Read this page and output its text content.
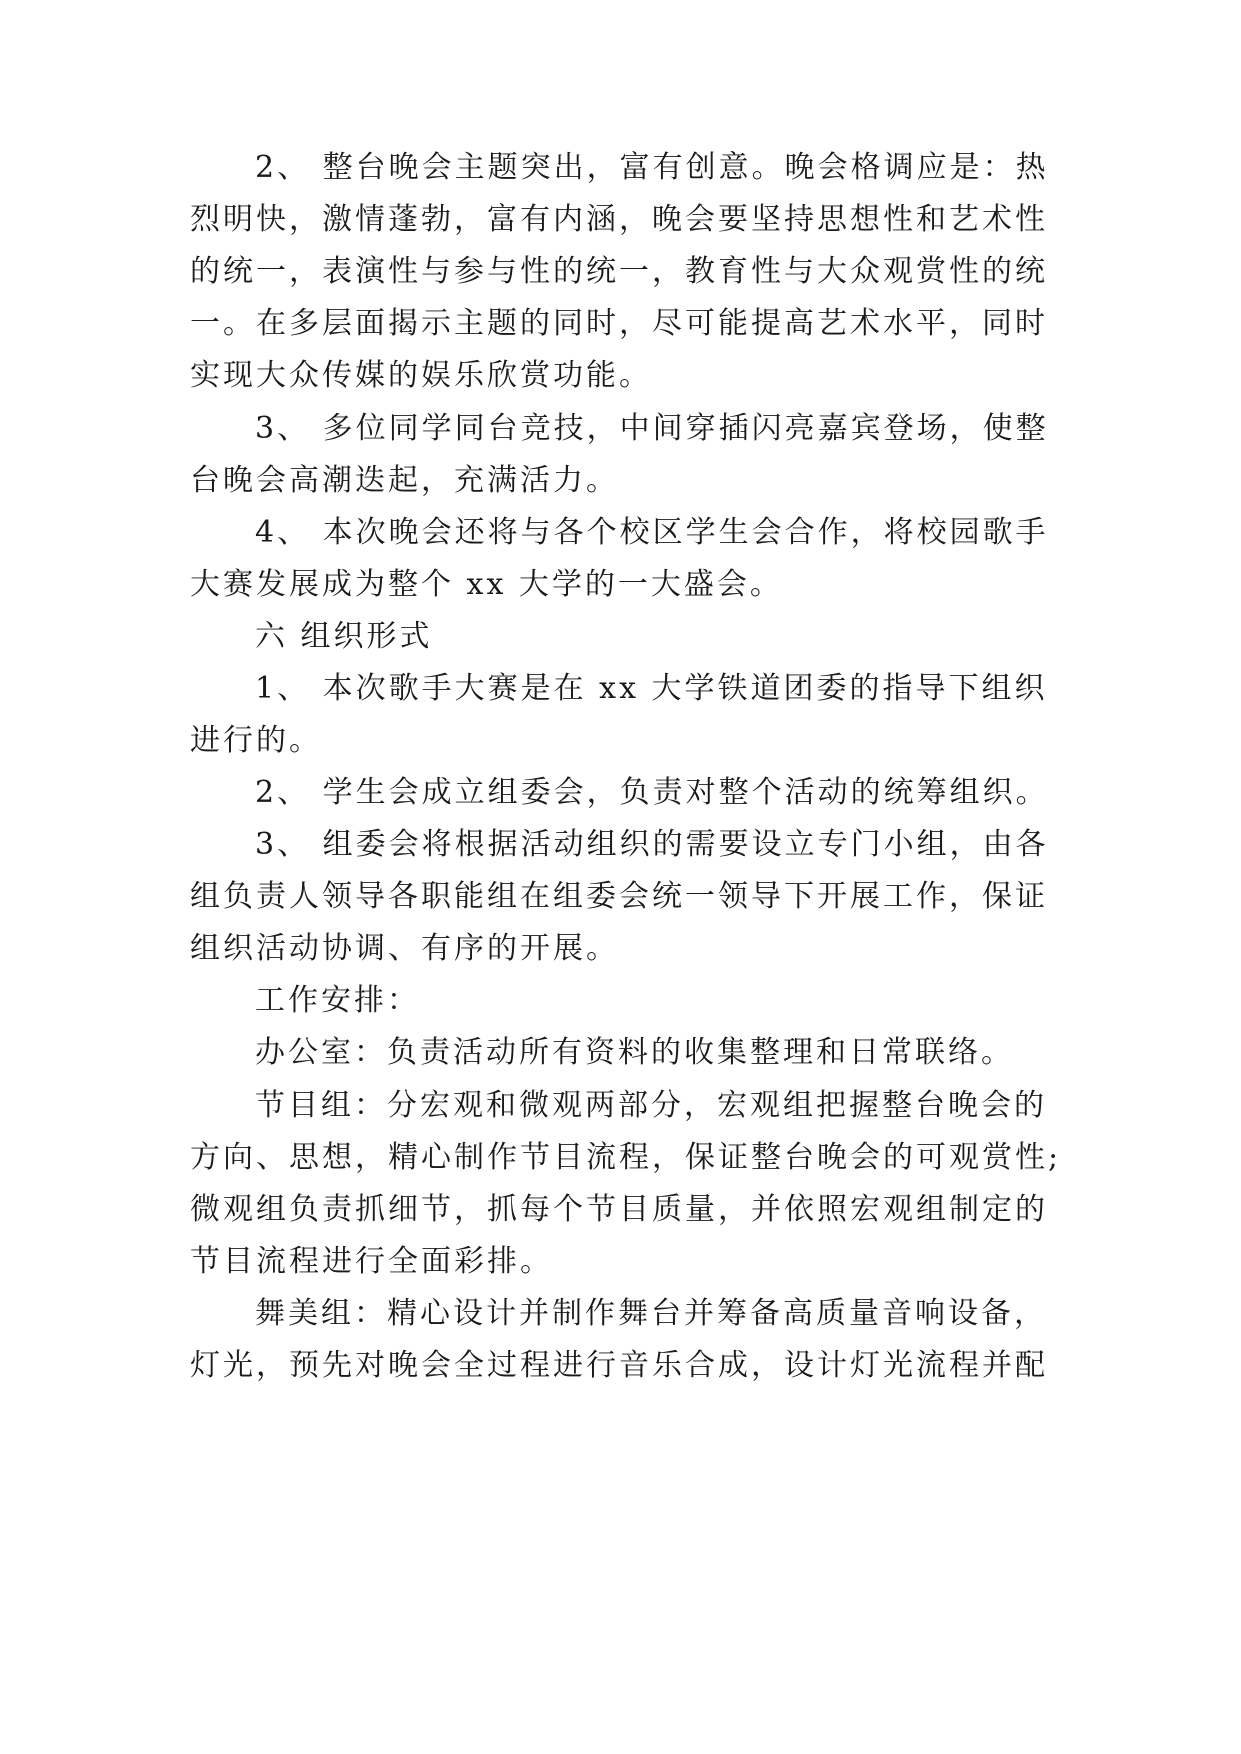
2、 整台晚会主题突出，富有创意。晚会格调应是：热
烈明快，激情蓬勃，富有内涵，晚会要坚持思想性和艺术性
的统一，表演性与参与性的统一，教育性与大众观赏性的统
一。在多层面揭示主题的同时，尽可能提高艺术水平，同时
实现大众传媒的娱乐欣赏功能。
3、 多位同学同台竞技，中间穿插闪亮嘉宾登场，使整
台晚会高潮迭起，充满活力。
4、 本次晚会还将与各个校区学生会合作，将校园歌手
大赛发展成为整个 xx 大学的一大盛会。
六 组织形式
1、 本次歌手大赛是在 xx 大学铁道团委的指导下组织
进行的。
2、 学生会成立组委会，负责对整个活动的统筹组织。
3、 组委会将根据活动组织的需要设立专门小组，由各
组负责人领导各职能组在组委会统一领导下开展工作，保证
组织活动协调、有序的开展。
工作安排：
办公室：负责活动所有资料的收集整理和日常联络。
节目组：分宏观和微观两部分，宏观组把握整台晚会的
方向、思想，精心制作节目流程，保证整台晚会的可观赏性;
微观组负责抓细节，抓每个节目质量，并依照宏观组制定的
节目流程进行全面彩排。
舞美组：精心设计并制作舞台并筹备高质量音响设备，
灯光，预先对晚会全过程进行音乐合成，设计灯光流程并配
